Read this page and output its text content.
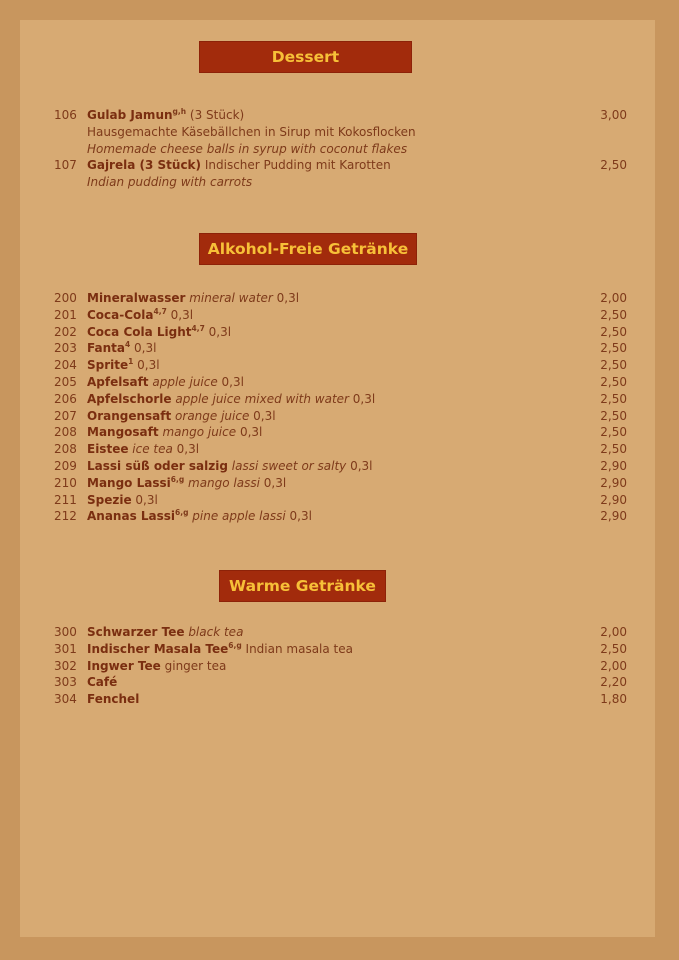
Dessert
106 Gulab Jamun$^{g,h}$ (3 Stück)	3,00
Hausgemachte Käsebällchen in Sirup mit Kokosflocken
Homemade cheese balls in syrup with coconut flakes
107 Gajrela (3 Stück) Indischer Pudding mit Karotten	2,50
Indian pudding with carrots
Alkohol-Freie Getränke
200 Mineralwasser mineral water 0,3l	2,00
201 Coca-Cola$^{4,7}$ 0,3l	2,50
202 Coca Cola Light$^{4,7}$ 0,3l	2,50
203 Fanta$^4$ 0,3l	2,50
204 Sprite$^1$ 0,3l	2,50
205 Apfelsaft apple juice 0,3l	2,50
206 Apfelschorle apple juice mixed with water 0,3l	2,50
207 Orangensaft orange juice 0,3l	2,50
208 Mangosaft mango juice 0,3l	2,50
208 Eistee ice tea 0,3l	2,50
209 Lassi süß oder salzig lassi sweet or salty 0,3l	2,90
210 Mango Lassi$^{6,g}$ mango lassi 0,3l	2,90
211 Spezie 0,3l	2,90
212 Ananas Lassi$^{6,g}$ pine apple lassi 0,3l	2,90
Warme Getränke
300 Schwarzer Tee black tea	2,00
301 Indischer Masala Tee$^{6,g}$ Indian masala tea	2,50
302 Ingwer Tee ginger tea	2,00
303 Café	2,20
304 Fenchel	1,80
